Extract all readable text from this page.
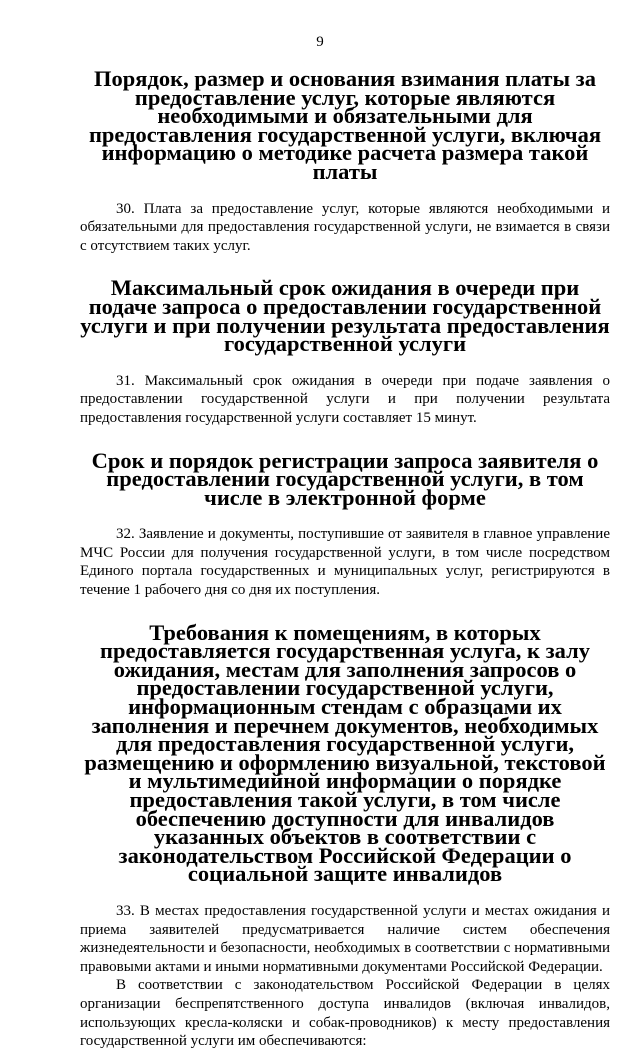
9
Порядок, размер и основания взимания платы за предоставление услуг, которые являются необходимыми и обязательными для предоставления государственной услуги, включая информацию о методике расчета размера такой платы

30. Плата за предоставление услуг, которые являются необходимыми и обязательными для предоставления государственной услуги, не взимается в связи с отсутствием таких услуг.

Максимальный срок ожидания в очереди при подаче запроса о предоставлении государственной услуги и при получении результата предоставления государственной услуги

31. Максимальный срок ожидания в очереди при подаче заявления о предоставлении государственной услуги и при получении результата предоставления государственной услуги составляет 15 минут.

Срок и порядок регистрации запроса заявителя о предоставлении государственной услуги, в том числе в электронной форме

32. Заявление и документы, поступившие от заявителя в главное управление МЧС России для получения государственной услуги, в том числе посредством Единого портала государственных и муниципальных услуг, регистрируются в течение 1 рабочего дня со дня их поступления.

Требования к помещениям, в которых предоставляется государственная услуга, к залу ожидания, местам для заполнения запросов о предоставлении государственной услуги, информационным стендам с образцами их заполнения и перечнем документов, необходимых для предоставления государственной услуги, размещению и оформлению визуальной, текстовой и мультимедийной информации о порядке предоставления такой услуги, в том числе обеспечению доступности для инвалидов указанных объектов в соответствии с законодательством Российской Федерации о социальной защите инвалидов

33. В местах предоставления государственной услуги и местах ожидания и приема заявителей предусматривается наличие систем обеспечения жизнедеятельности и безопасности, необходимых в соответствии с нормативными правовыми актами и иными нормативными документами Российской Федерации.

В соответствии с законодательством Российской Федерации в целях организации беспрепятственного доступа инвалидов (включая инвалидов, использующих кресла-коляски и собак-проводников) к месту предоставления государственной услуги им обеспечиваются:
